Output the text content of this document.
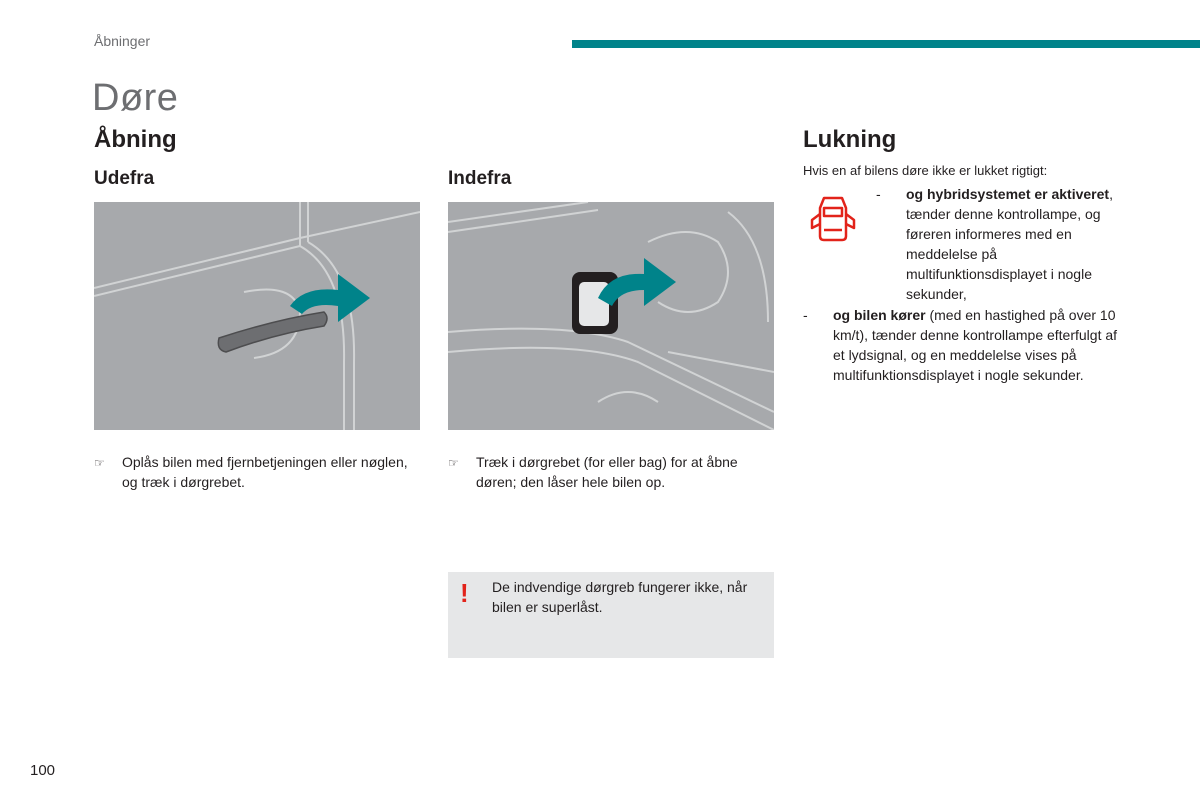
Åbninger
Døre
Åbning
Udefra
☞	Oplås bilen med fjernbetjeningen eller nøglen, og træk i dørgrebet.
Indefra
☞	Træk i dørgrebet (for eller bag) for at åbne døren; den låser hele bilen op.
! De indvendige dørgreb fungerer ikke, når bilen er superlåst.
Lukning
Hvis en af bilens døre ikke er lukket rigtigt:
-	og hybridsystemet er aktiveret, tænder denne kontrollampe, og føreren informeres med en meddelelse på multifunktionsdisplayet i nogle sekunder,
-	og bilen kører (med en hastighed på over 10 km/t), tænder denne kontrollampe efterfulgt af et lydsignal, og en meddelelse vises på multifunktionsdisplayet i nogle sekunder.
100
